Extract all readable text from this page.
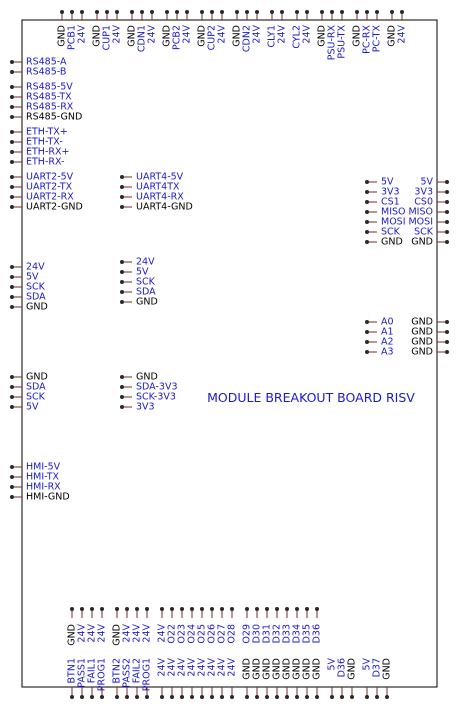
MODULE BREAKOUT BOARD RISV
RS485-A
RS485-B
RS485-5V
RS485-TX
RS485-RX
RS485-GND
ETH-TX+
ETH-TX-
ETH-RX+
ETH-RX-
UART2-5V
UART2-TX
UART2-RX
UART2-GND
24V
5V
SCK
SDA
GND
GND
SDA
SCK
5V
HMI-5V
HMI-TX
HMI-RX
HMI-GND
UART4-5V
UART4TX
UART4-RX
UART4-GND
24V
5V
SCK
SDA
GND
GND
SDA-3V3
SCK-3V3
3V3
5V
3V3
CS1
MISO
MOSI
SCK
GND
A0
A1
A2
A3
5V
3V3
CS0
MISO
MOSI
SCK
GND
GND
GND
GND
GND
GND PCB1 24V GND CUP1 24V GND CDN1 24V GND PCB2 24V GND CUP2 24V GND CDN2 24V CLY1 24V CYL2 24V GND PSU-RX PSU-TX GND PC-RX PC-TX GND 24V
GND 24V 24V 24V GND 24V 24V 24V 24V O22 O23 O24 O25 O26 O27 O28 O29 D30 D31 D32 D33 D34 D35 D36
BTN1 PASS1 FAIL1 PROG1 BTN2 PASS2 FAIL2 PROG1 24V 24V 24V 24V 24V 24V 24V 24V GND GND GND GND GND GND GND GND 5V D36 GND 5V D37 GND
